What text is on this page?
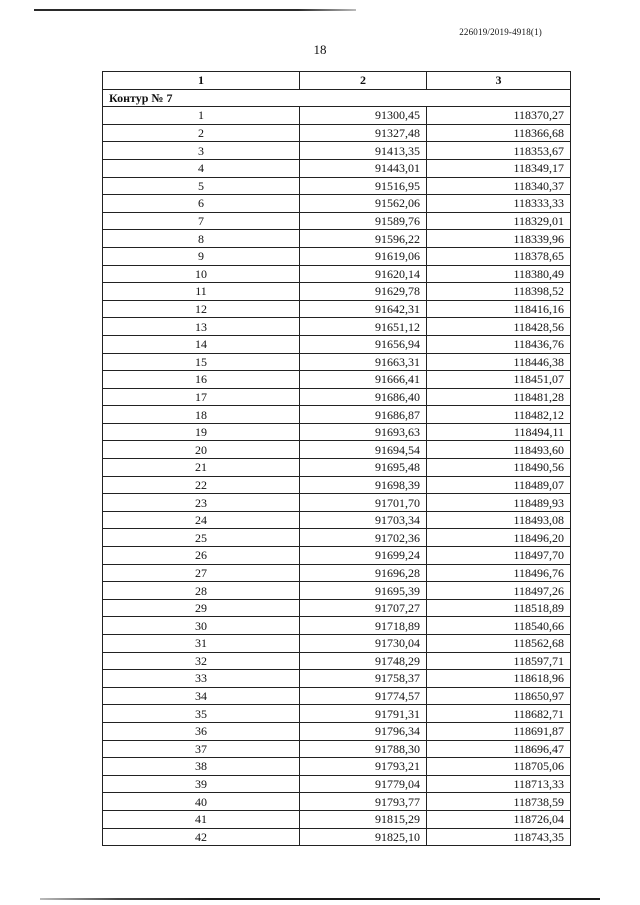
226019/2019-4918(1)
18
1	2	3
Контур № 7		
1	91300,45	118370,27
2	91327,48	118366,68
3	91413,35	118353,67
4	91443,01	118349,17
5	91516,95	118340,37
6	91562,06	118333,33
7	91589,76	118329,01
8	91596,22	118339,96
9	91619,06	118378,65
10	91620,14	118380,49
11	91629,78	118398,52
12	91642,31	118416,16
13	91651,12	118428,56
14	91656,94	118436,76
15	91663,31	118446,38
16	91666,41	118451,07
17	91686,40	118481,28
18	91686,87	118482,12
19	91693,63	118494,11
20	91694,54	118493,60
21	91695,48	118490,56
22	91698,39	118489,07
23	91701,70	118489,93
24	91703,34	118493,08
25	91702,36	118496,20
26	91699,24	118497,70
27	91696,28	118496,76
28	91695,39	118497,26
29	91707,27	118518,89
30	91718,89	118540,66
31	91730,04	118562,68
32	91748,29	118597,71
33	91758,37	118618,96
34	91774,57	118650,97
35	91791,31	118682,71
36	91796,34	118691,87
37	91788,30	118696,47
38	91793,21	118705,06
39	91779,04	118713,33
40	91793,77	118738,59
41	91815,29	118726,04
42	91825,10	118743,35
